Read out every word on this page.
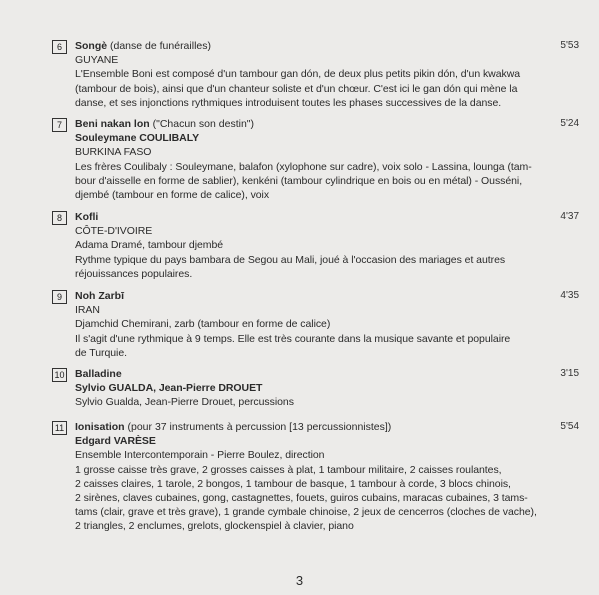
6	Songè (danse de funérailles)
GUYANE
L'Ensemble Boni est composé d'un tambour gan dón, de deux plus petits pikin dón, d'un kwakwa
(tambour de bois), ainsi que d'un chanteur soliste et d'un chœur. C'est ici le gan dón qui mène la
danse, et ses injonctions rythmiques introduisent toutes les phases successives de la danse.
5'53
7	Beni nakan lon ("Chacun son destin")
Souleymane COULIBALY
BURKINA FASO
Les frères Coulibaly : Souleymane, balafon (xylophone sur cadre), voix solo - Lassina, lounga (tam-
bour d'aisselle en forme de sablier), kenkéni (tambour cylindrique en bois ou en métal) - Ousséni,
djembé (tambour en forme de calice), voix
5'24
8	Kofli
CÔTE-D'IVOIRE
Adama Dramé, tambour djembé
Rythme typique du pays bambara de Segou au Mali, joué à l'occasion des mariages et autres
réjouissances populaires.
4'37
9	Noh Zarbī
IRAN
Djamchid Chemirani, zarb (tambour en forme de calice)
Il s'agit d'une rythmique à 9 temps. Elle est très courante dans la musique savante et populaire
de Turquie.
4'35
10 Balladine
Sylvio GUALDA, Jean-Pierre DROUET
Sylvio Gualda, Jean-Pierre Drouet, percussions
3'15
11 Ionisation (pour 37 instruments à percussion [13 percussionnistes])
Edgard VARÈSE
Ensemble Intercontemporain - Pierre Boulez, direction
1 grosse caisse très grave, 2 grosses caisses à plat, 1 tambour militaire, 2 caisses roulantes,
2 caisses claires, 1 tarole, 2 bongos, 1 tambour de basque, 1 tambour à corde, 3 blocs chinois,
2 sirènes, claves cubaines, gong, castagnettes, fouets, guiros cubains, maracas cubaines, 3 tams-
tams (clair, grave et très grave), 1 grande cymbale chinoise, 2 jeux de cencerros (cloches de vache),
2 triangles, 2 enclumes, grelots, glockenspiel à clavier, piano
5'54
3
